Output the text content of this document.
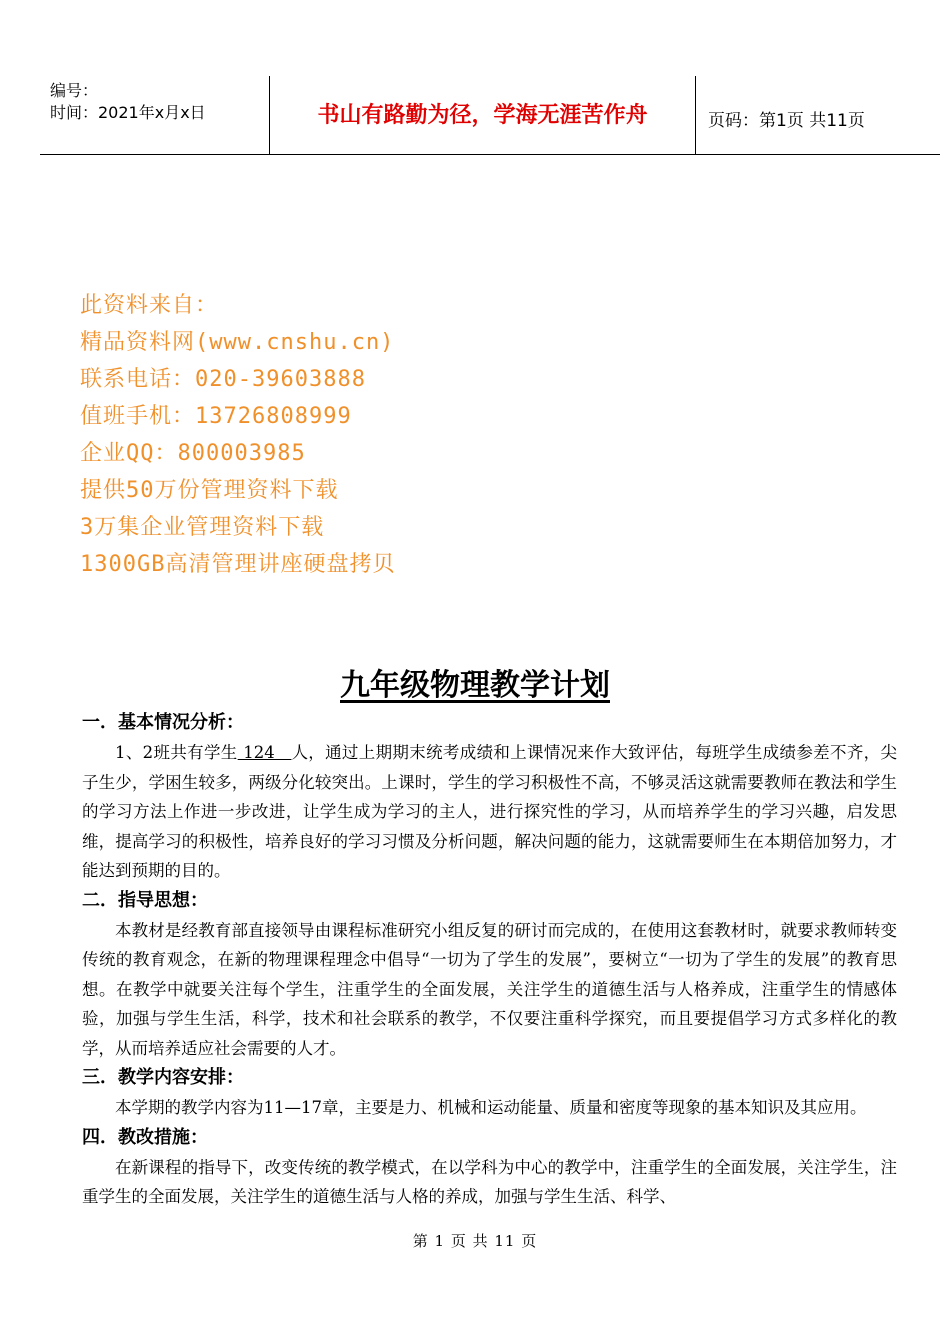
编号：
时间：2021年x月x日	书山有路勤为径，学海无涯苦作舟	页码：第1页 共11页
此资料来自：
精品资料网(www.cnshu.cn)
联系电话：020-39603888
值班手机：13726808999
企业QQ：800003985
提供50万份管理资料下载
3万集企业管理资料下载
1300GB高清管理讲座硬盘拷贝
九年级物理教学计划

一．基本情况分析：

1、2班共有学生 124   人，通过上期期末统考成绩和上课情况来作大致评估，每班学生成绩参差不齐，尖子生少，学困生较多，两级分化较突出。上课时，学生的学习积极性不高，不够灵活这就需要教师在教法和学生的学习方法上作进一步改进，让学生成为学习的主人，进行探究性的学习，从而培养学生的学习兴趣，启发思维，提高学习的积极性，培养良好的学习习惯及分析问题，解决问题的能力，这就需要师生在本期倍加努力，才能达到预期的目的。

二．指导思想：

本教材是经教育部直接领导由课程标准研究小组反复的研讨而完成的，在使用这套教材时，就要求教师转变传统的教育观念，在新的物理课程理念中倡导“一切为了学生的发展”，要树立“一切为了学生的发展”的教育思想。在教学中就要关注每个学生，注重学生的全面发展，关注学生的道德生活与人格养成，注重学生的情感体验，加强与学生生活，科学，技术和社会联系的教学，不仅要注重科学探究，而且要提倡学习方式多样化的教学，从而培养适应社会需要的人才。

三．教学内容安排：

本学期的教学内容为11—17章，主要是力、机械和运动能量、质量和密度等现象的基本知识及其应用。

四．教改措施：

在新课程的指导下，改变传统的教学模式，在以学科为中心的教学中，注重学生的全面发展，关注学生，注重学生的全面发展，关注学生的道德生活与人格的养成，加强与学生生活、科学、

第 1 页 共 11 页
